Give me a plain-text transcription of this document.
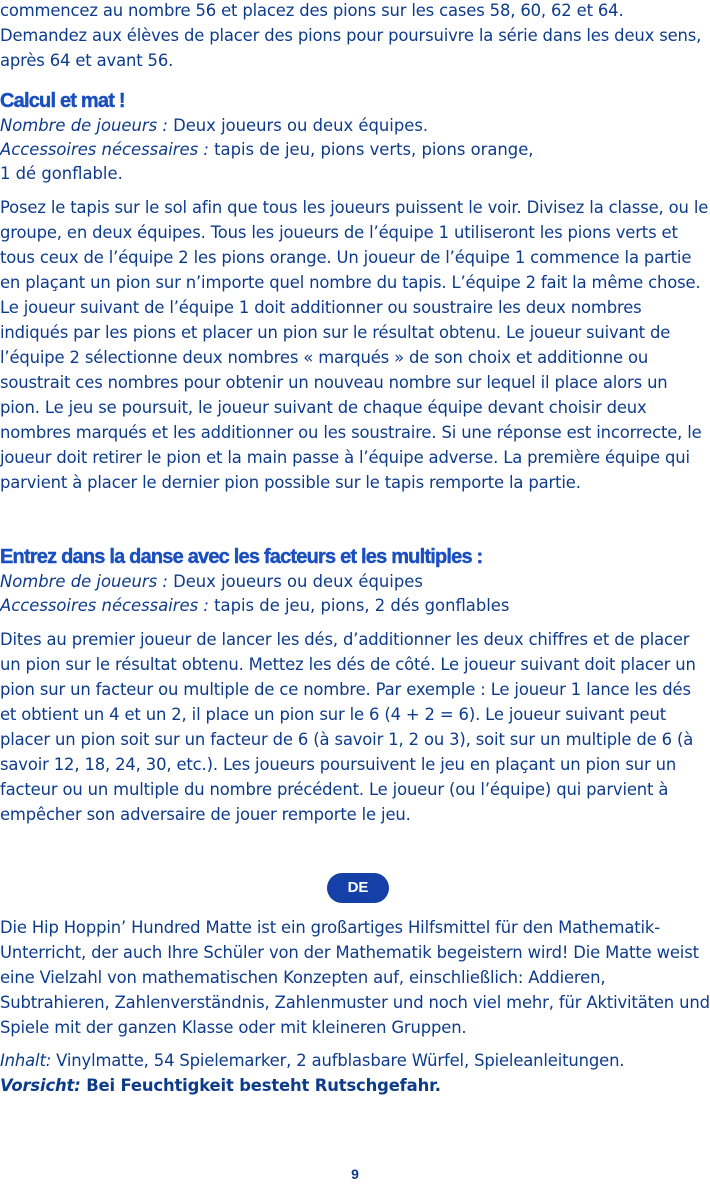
commencez au nombre 56 et placez des pions sur les cases 58, 60, 62 et 64. Demandez aux élèves de placer des pions pour poursuivre la série dans les deux sens, après 64 et avant 56.

Calcul et mat !
Nombre de joueurs : Deux joueurs ou deux équipes.
Accessoires nécessaires : tapis de jeu, pions verts, pions orange,
1 dé gonflable.

Posez le tapis sur le sol afin que tous les joueurs puissent le voir. Divisez la classe, ou le groupe, en deux équipes. Tous les joueurs de l’équipe 1 utiliseront les pions verts et tous ceux de l’équipe 2 les pions orange. Un joueur de l’équipe 1 commence la partie en plaçant un pion sur n’importe quel nombre du tapis. L’équipe 2 fait la même chose. Le joueur suivant de l’équipe 1 doit additionner ou soustraire les deux nombres indiqués par les pions et placer un pion sur le résultat obtenu. Le joueur suivant de l’équipe 2 sélectionne deux nombres « marqués » de son choix et additionne ou soustrait ces nombres pour obtenir un nouveau nombre sur lequel il place alors un pion. Le jeu se poursuit, le joueur suivant de chaque équipe devant choisir deux nombres marqués et les additionner ou les soustraire. Si une réponse est incorrecte, le joueur doit retirer le pion et la main passe à l’équipe adverse. La première équipe qui parvient à placer le dernier pion possible sur le tapis remporte la partie.

Entrez dans la danse avec les facteurs et les multiples :
Nombre de joueurs : Deux joueurs ou deux équipes
Accessoires nécessaires : tapis de jeu, pions, 2 dés gonflables

Dites au premier joueur de lancer les dés, d’additionner les deux chiffres et de placer un pion sur le résultat obtenu. Mettez les dés de côté. Le joueur suivant doit placer un pion sur un facteur ou multiple de ce nombre. Par exemple : Le joueur 1 lance les dés et obtient un 4 et un 2, il place un pion sur le 6 (4 + 2 = 6). Le joueur suivant peut placer un pion soit sur un facteur de 6 (à savoir 1, 2 ou 3), soit sur un multiple de 6 (à savoir 12, 18, 24, 30, etc.). Les joueurs poursuivent le jeu en plaçant un pion sur un facteur ou un multiple du nombre précédent. Le joueur (ou l’équipe) qui parvient à empêcher son adversaire de jouer remporte le jeu.

DE

Die Hip Hoppin’ Hundred Matte ist ein großartiges Hilfsmittel für den Mathematik-Unterricht, der auch Ihre Schüler von der Mathematik begeistern wird! Die Matte weist eine Vielzahl von mathematischen Konzepten auf, einschließlich: Addieren, Subtrahieren, Zahlenverständnis, Zahlenmuster und noch viel mehr, für Aktivitäten und Spiele mit der ganzen Klasse oder mit kleineren Gruppen.

Inhalt: Vinylmatte, 54 Spielemarker, 2 aufblasbare Würfel, Spieleanleitungen.

Vorsicht: Bei Feuchtigkeit besteht Rutschgefahr.

9
